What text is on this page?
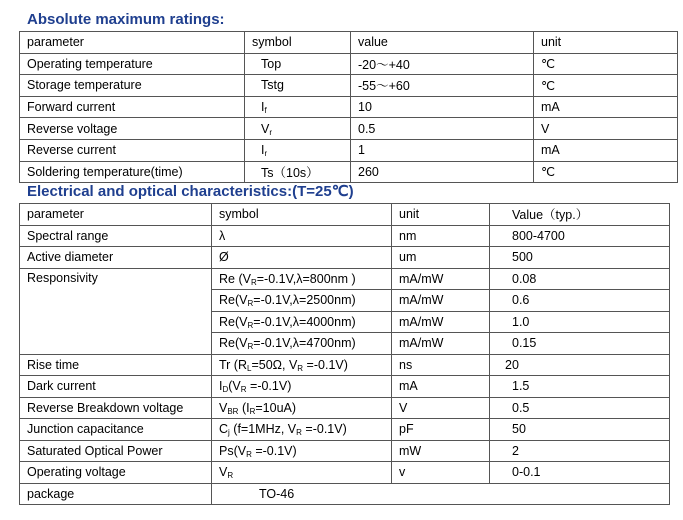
Absolute maximum ratings:
parameter	symbol	value	unit
Operating temperature	Top	-20～+40	℃
Storage temperature	Tstg	-55～+60	℃
Forward current	$I_f$	10	mA
Reverse voltage	$V_r$	0.5	V
Reverse current	$I_r$	1	mA
Soldering temperature(time)	Ts（10s）	260	℃
Electrical and optical characteristics:(T=25℃)
parameter	symbol	unit	Value（typ.）
Spectral range	λ	nm	800-4700
Active diameter	Ø	um	500
Responsivity	Re ($V_R=-0.1V,\lambda=800nm$ )	mA/mW	0.08
	$Re(V_R=-0.1V,\lambda=2500nm)$	mA/mW	0.6
	$Re(V_R=-0.1V,\lambda=4000nm)$	mA/mW	1.0
	$Re(V_R=-0.1V,\lambda=4700nm)$	mA/mW	0.15
Rise time	Tr ($R_L=50\Omega$, $V_R =-0.1V$)	ns	20
Dark current	$I_D(V_R =-0.1V)$	mA	1.5
Reverse Breakdown voltage	$V_{BR}$ $(I_R=10uA)$	V	0.5
Junction capacitance	$C_j$ (f=1MHz, $V_R =-0.1V$)	pF	50
Saturated Optical Power	$Ps(V_R =-0.1V)$	mW	2
Operating voltage	$V_R$	v	0-0.1
package	TO-46		
